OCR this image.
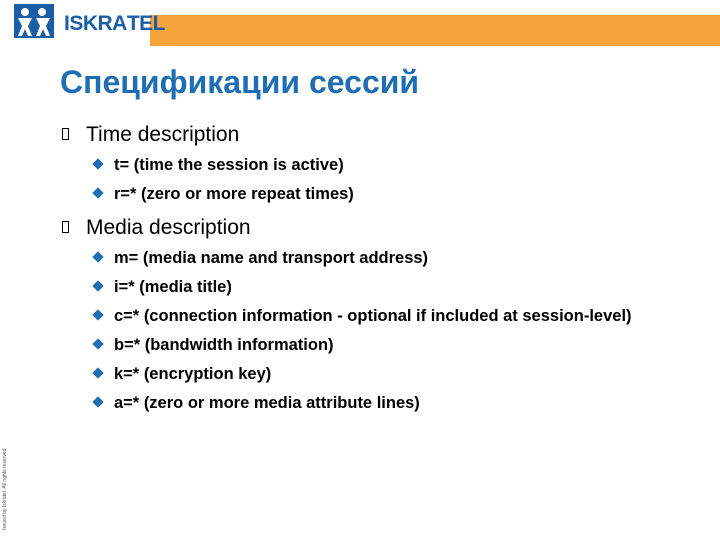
ISKRATEL
Спецификации сессий
Time description
t= (time the session is active)
r=* (zero or more repeat times)
Media description
m= (media name and transport address)
i=* (media title)
c=* (connection information - optional if included at session-level)
b=* (bandwidth information)
k=* (encryption key)
a=* (zero or more media attribute lines)
Issued by Iskratel. All rights reserved
